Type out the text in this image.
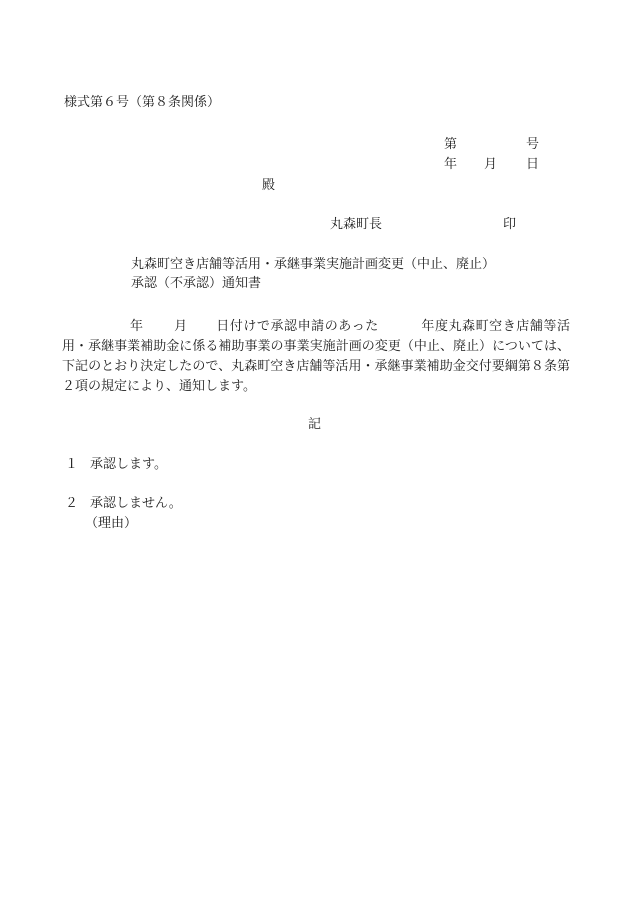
様式第６号（第８条関係）
第	号
年 月 日
殿
丸森町長	印
丸森町空き店舗等活用・承継事業実施計画変更（中止、廃止）
承認（不承認）通知書
年 月 日付けで承認申請のあった	年度丸森町空き店舗等活用・承継事業補助金に係る補助事業の事業実施計画の変更（中止、廃止）については、下記のとおり決定したので、丸森町空き店舗等活用・承継事業補助金交付要綱第８条第２項の規定により、通知します。
記
１ 承認します。
２ 承認しません。
（理由）
